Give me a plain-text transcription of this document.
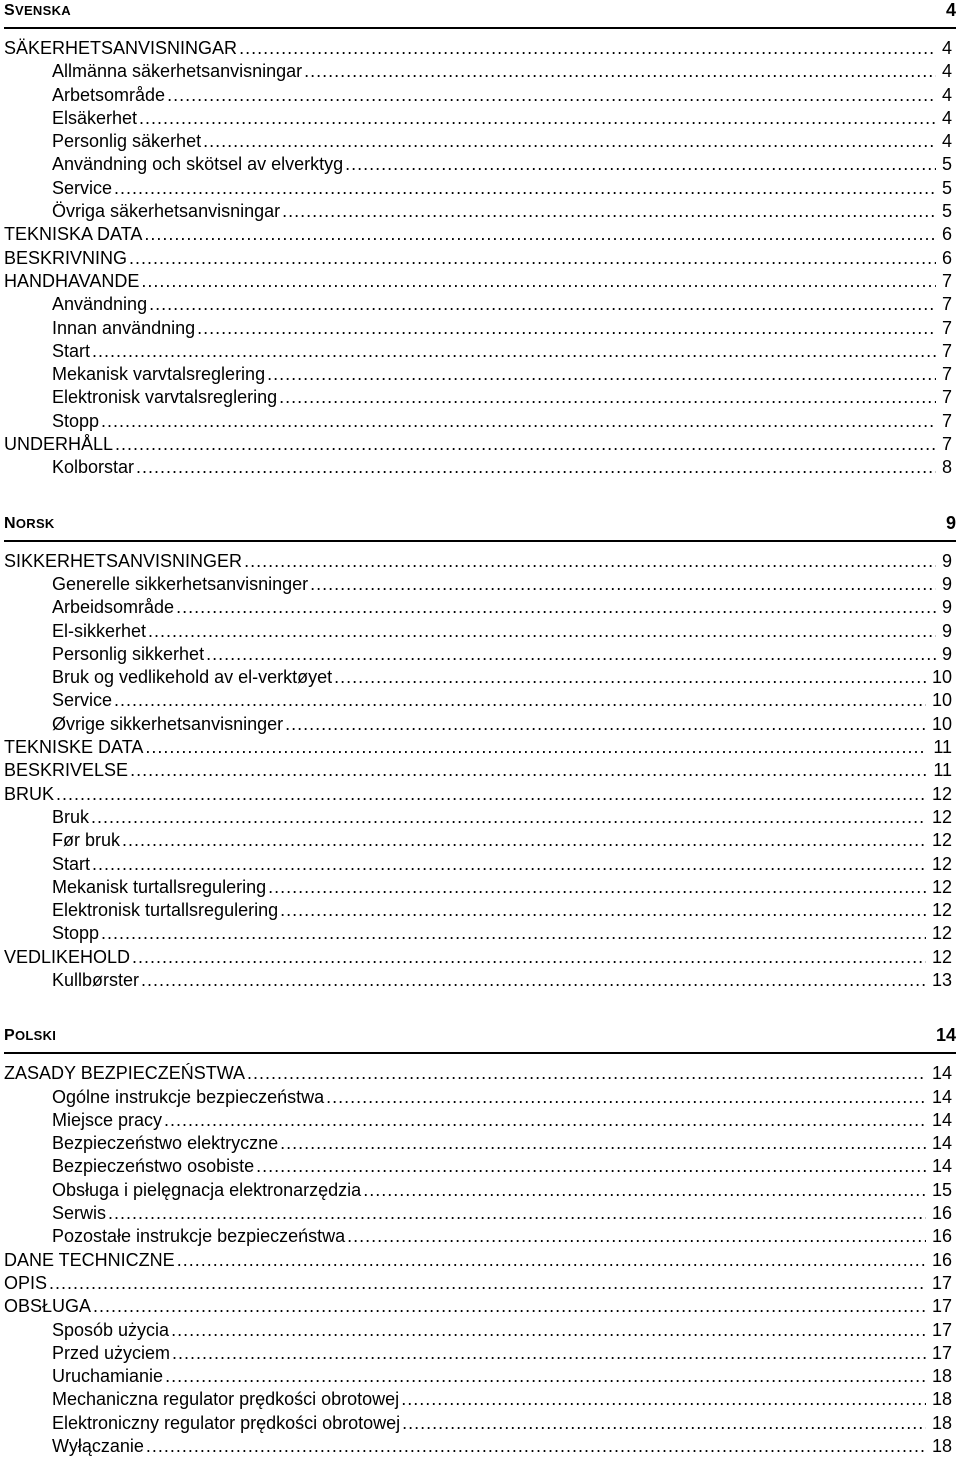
SVENSKA	4
SÄKERHETSANVISNINGAR .....	4
Allmänna säkerhetsanvisningar .....	4
Arbetsområde .....	4
Elsäkerhet .....	4
Personlig säkerhet .....	4
Användning och skötsel av elverktyg .....	5
Service .....	5
Övriga säkerhetsanvisningar .....	5
TEKNISKA DATA .....	6
BESKRIVNING .....	6
HANDHAVANDE .....	7
Användning .....	7
Innan användning .....	7
Start .....	7
Mekanisk varvtalsreglering .....	7
Elektronisk varvtalsreglering .....	7
Stopp .....	7
UNDERHÅLL .....	7
Kolborstar .....	8
NORSK	9
SIKKERHETSANVISNINGER .....	9
Generelle sikkerhetsanvisninger .....	9
Arbeidsområde .....	9
El-sikkerhet .....	9
Personlig sikkerhet .....	9
Bruk og vedlikehold av el-verktøyet .....	10
Service .....	10
Øvrige sikkerhetsanvisninger .....	10
TEKNISKE DATA .....	11
BESKRIVELSE .....	11
BRUK .....	12
Bruk .....	12
Før bruk .....	12
Start .....	12
Mekanisk turtallsregulering .....	12
Elektronisk turtallsregulering .....	12
Stopp .....	12
VEDLIKEHOLD .....	12
Kullbørster .....	13
POLSKI	14
ZASADY BEZPIECZEŃSTWA .....	14
Ogólne instrukcje bezpieczeństwa .....	14
Miejsce pracy .....	14
Bezpieczeństwo elektryczne .....	14
Bezpieczeństwo osobiste .....	14
Obsługa i pielęgnacja elektronarzędzia .....	15
Serwis .....	16
Pozostałe instrukcje bezpieczeństwa .....	16
DANE TECHNICZNE .....	16
OPIS .....	17
OBSŁUGA .....	17
Sposób użycia .....	17
Przed użyciem .....	17
Uruchamianie .....	18
Mechaniczna regulator prędkości obrotowej .....	18
Elektroniczny regulator prędkości obrotowej .....	18
Wyłączanie .....	18
